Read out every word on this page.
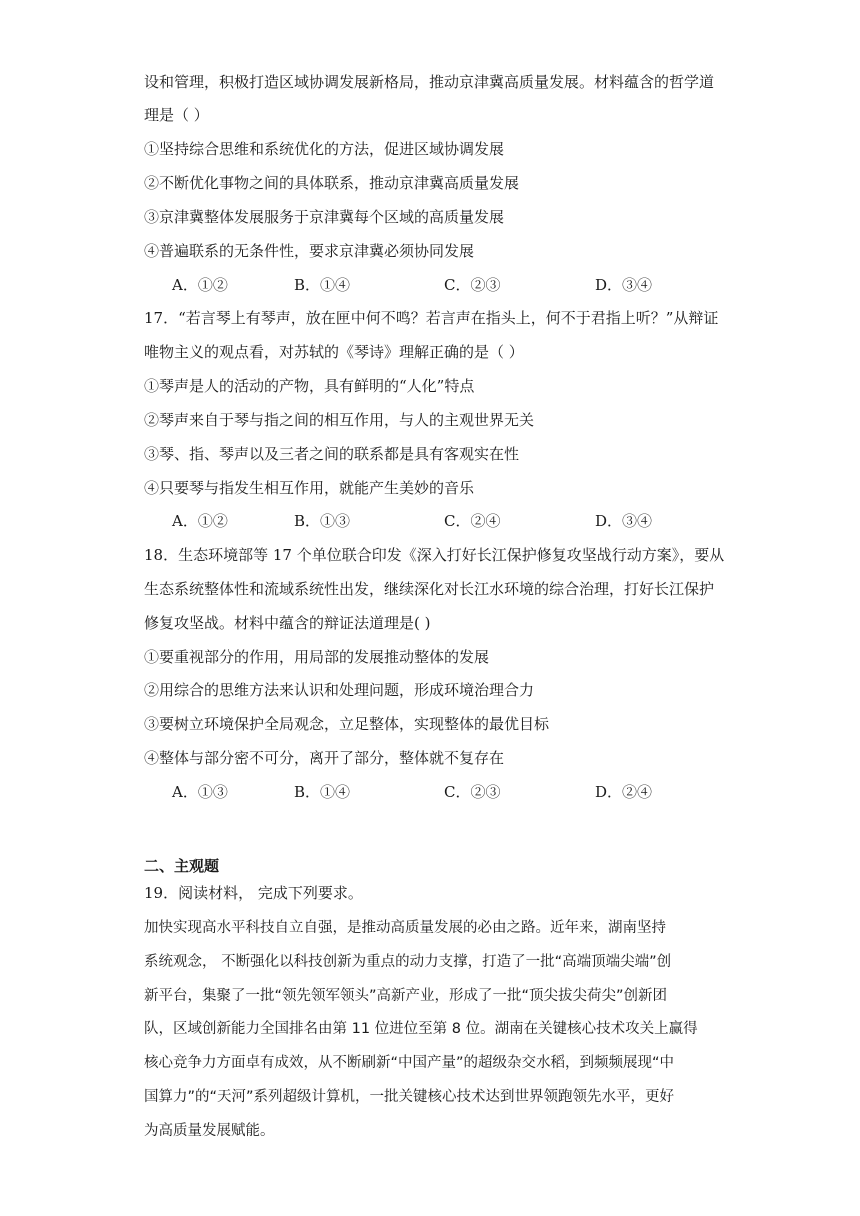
设和管理，积极打造区域协调发展新格局，推动京津冀高质量发展。材料蕴含的哲学道
理是（ ）
①坚持综合思维和系统优化的方法，促进区域协调发展
②不断优化事物之间的具体联系，推动京津冀高质量发展
③京津冀整体发展服务于京津冀每个区域的高质量发展
④普遍联系的无条件性，要求京津冀必须协同发展
A．①②	B．①④	C．②③	D．③④
17．“若言琴上有琴声，放在匣中何不鸣？若言声在指头上，何不于君指上听？”从辩证
唯物主义的观点看，对苏轼的《琴诗》理解正确的是（ ）
①琴声是人的活动的产物，具有鲜明的“人化”特点
②琴声来自于琴与指之间的相互作用，与人的主观世界无关
③琴、指、琴声以及三者之间的联系都是具有客观实在性
④只要琴与指发生相互作用，就能产生美妙的音乐
A．①②	B．①③	C．②④	D．③④
18．生态环境部等 17 个单位联合印发《深入打好长江保护修复攻坚战行动方案》，要从
生态系统整体性和流域系统性出发，继续深化对长江水环境的综合治理，打好长江保护
修复攻坚战。材料中蕴含的辩证法道理是( )
①要重视部分的作用，用局部的发展推动整体的发展
②用综合的思维方法来认识和处理问题，形成环境治理合力
③要树立环境保护全局观念，立足整体，实现整体的最优目标
④整体与部分密不可分，离开了部分，整体就不复存在
A．①③	B．①④	C．②③	D．②④
二、主观题
19．阅读材料， 完成下列要求。
加快实现高水平科技自立自强，是推动高质量发展的必由之路。近年来，湖南坚持
系统观念， 不断强化以科技创新为重点的动力支撑，打造了一批“高端顶端尖端”创
新平台，集聚了一批“领先领军领头”高新产业，形成了一批“顶尖拔尖荷尖”创新团
队，区域创新能力全国排名由第 11 位进位至第 8 位。湖南在关键核心技术攻关上赢得
核心竞争力方面卓有成效，从不断刷新“中国产量”的超级杂交水稻，到频频展现“中
国算力”的“天河”系列超级计算机，一批关键核心技术达到世界领跑领先水平，更好
为高质量发展赋能。
